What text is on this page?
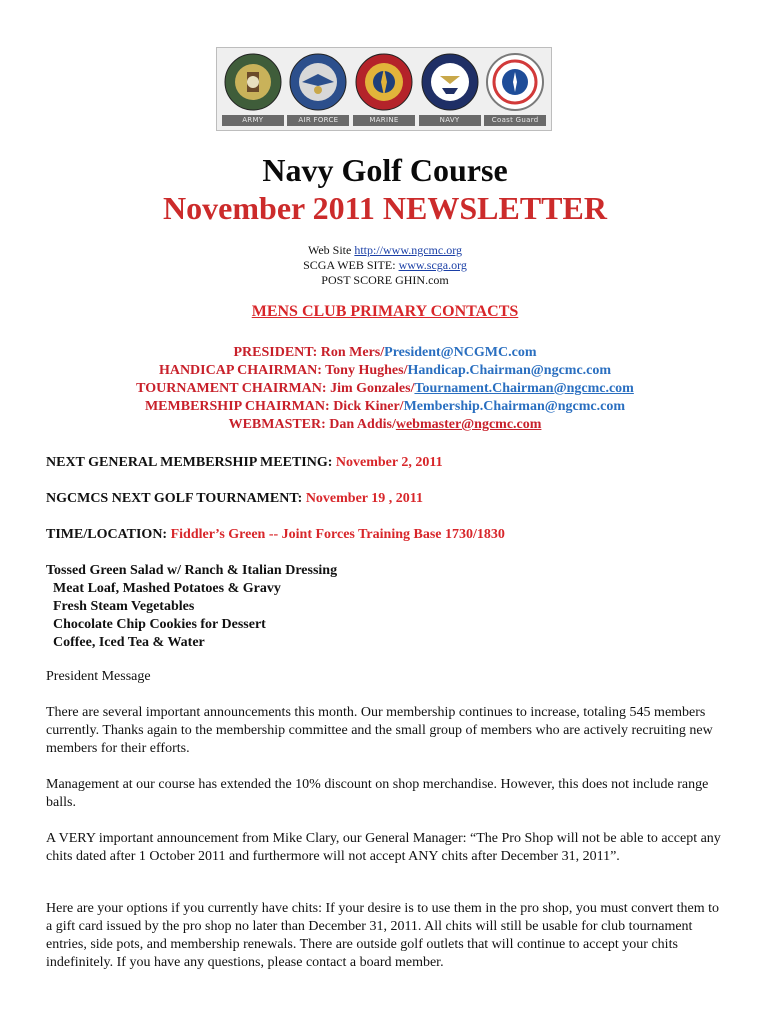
ARMY	AIR FORCE	MARINE	NAVY	Coast Guard
Navy Golf Course
November 2011 NEWSLETTER
Web Site http://www.ngcmc.org
SCGA WEB SITE: www.scga.org
POST SCORE GHIN.com
MENS CLUB PRIMARY CONTACTS
PRESIDENT: Ron Mers/President@NCGMC.com
HANDICAP CHAIRMAN: Tony Hughes/Handicap.Chairman@ngcmc.com
TOURNAMENT CHAIRMAN: Jim Gonzales/Tournament.Chairman@ngcmc.com
MEMBERSHIP CHAIRMAN: Dick Kiner/Membership.Chairman@ngcmc.com
WEBMASTER: Dan Addis/webmaster@ngcmc.com
NEXT GENERAL MEMBERSHIP MEETING: November 2, 2011
NGCMCS NEXT GOLF TOURNAMENT: November 19 , 2011
TIME/LOCATION: Fiddler’s Green -- Joint Forces Training Base 1730/1830
Tossed Green Salad w/ Ranch & Italian Dressing
Meat Loaf, Mashed Potatoes & Gravy
Fresh Steam Vegetables
Chocolate Chip Cookies for Dessert
Coffee, Iced Tea & Water
President Message
There are several important announcements this month. Our membership continues to increase, totaling 545 members currently. Thanks again to the membership committee and the small group of members who are actively recruiting new members for their efforts.
Management at our course has extended the 10% discount on shop merchandise. However, this does not include range balls.
A VERY important announcement from Mike Clary, our General Manager: “The Pro Shop will not be able to accept any chits dated after 1 October 2011 and furthermore will not accept ANY chits after December 31, 2011”.
Here are your options if you currently have chits: If your desire is to use them in the pro shop, you must convert them to a gift card issued by the pro shop no later than December 31, 2011. All chits will still be usable for club tournament entries, side pots, and membership renewals. There are outside golf outlets that will continue to accept your chits indefinitely. If you have any questions, please contact a board member.
